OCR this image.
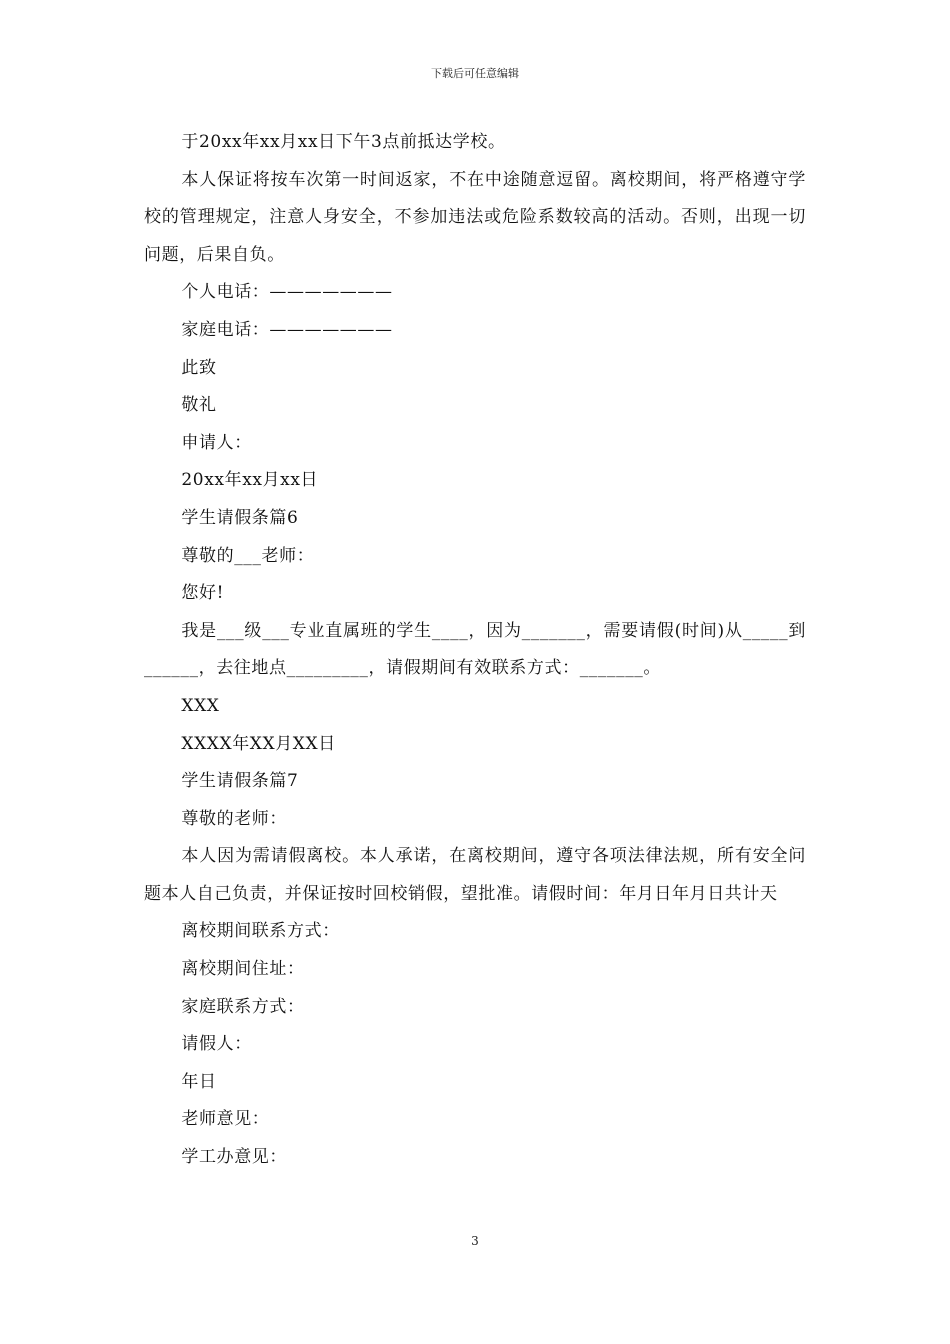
下载后可任意编辑

于20xx年xx月xx日下午3点前抵达学校。

本人保证将按车次第一时间返家，不在中途随意逗留。离校期间，将严格遵守学校的管理规定，注意人身安全，不参加违法或危险系数较高的活动。否则，出现一切问题，后果自负。

个人电话：———————

家庭电话：———————

此致

敬礼

申请人：

20xx年xx月xx日

学生请假条篇6

尊敬的___老师：

您好!

我是___级___专业直属班的学生____，因为_______，需要请假(时间)从_____到______，去往地点_________，请假期间有效联系方式：_______。

XXX

XXXX年XX月XX日

学生请假条篇7

尊敬的老师：

本人因为需请假离校。本人承诺，在离校期间，遵守各项法律法规，所有安全问题本人自己负责，并保证按时回校销假，望批准。请假时间：年月日年月日共计天

离校期间联系方式：

离校期间住址：

家庭联系方式：

请假人：

年日

老师意见：

学工办意见：

3
